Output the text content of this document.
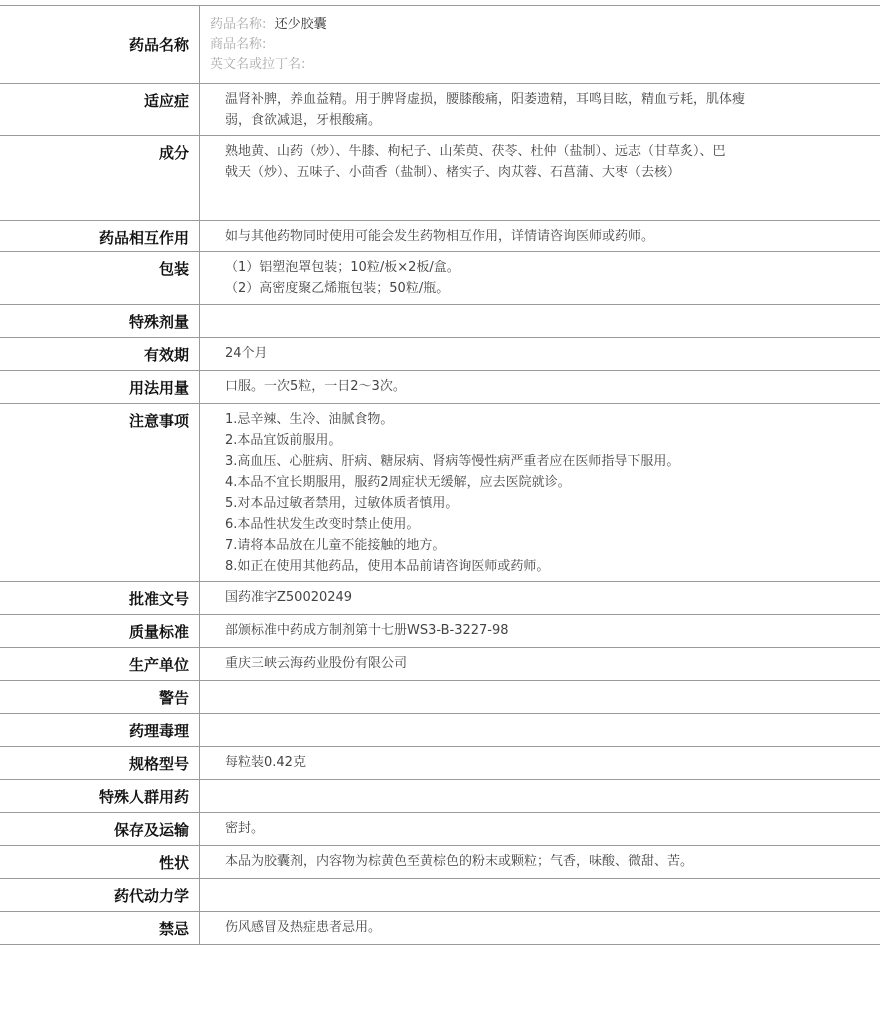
药品名称
药品名称: 还少胶囊
商品名称:
英文名或拉丁名:
适应症	温肾补脾，养血益精。用于脾肾虚损，腰膝酸痛，阳萎遗精，耳鸣目眩，精血亏耗，肌体瘦
弱，食欲减退，牙根酸痛。
成分	熟地黄、山药（炒）、牛膝、枸杞子、山茱萸、茯苓、杜仲（盐制）、远志（甘草炙）、巴
戟天（炒）、五味子、小茴香（盐制）、楮实子、肉苁蓉、石菖蒲、大枣（去核）
药品相互作用	如与其他药物同时使用可能会发生药物相互作用，详情请咨询医师或药师。
包装	（1）铝塑泡罩包装；10粒/板×2板/盒。
（2）高密度聚乙烯瓶包装；50粒/瓶。
特殊剂量
有效期	24个月
用法用量	口服。一次5粒，一日2～3次。
注意事项	1.忌辛辣、生冷、油腻食物。
2.本品宜饭前服用。
3.高血压、心脏病、肝病、糖尿病、肾病等慢性病严重者应在医师指导下服用。
4.本品不宜长期服用，服药2周症状无缓解，应去医院就诊。
5.对本品过敏者禁用，过敏体质者慎用。
6.本品性状发生改变时禁止使用。
7.请将本品放在儿童不能接触的地方。
8.如正在使用其他药品，使用本品前请咨询医师或药师。
批准文号	国药准字Z50020249
质量标准	部颁标准中药成方制剂第十七册WS3-B-3227-98
生产单位	重庆三峡云海药业股份有限公司
警告
药理毒理
规格型号	每粒装0.42克
特殊人群用药
保存及运输	密封。
性状	本品为胶囊剂，内容物为棕黄色至黄棕色的粉末或颗粒；气香，味酸、微甜、苦。
药代动力学
禁忌	伤风感冒及热症患者忌用。
